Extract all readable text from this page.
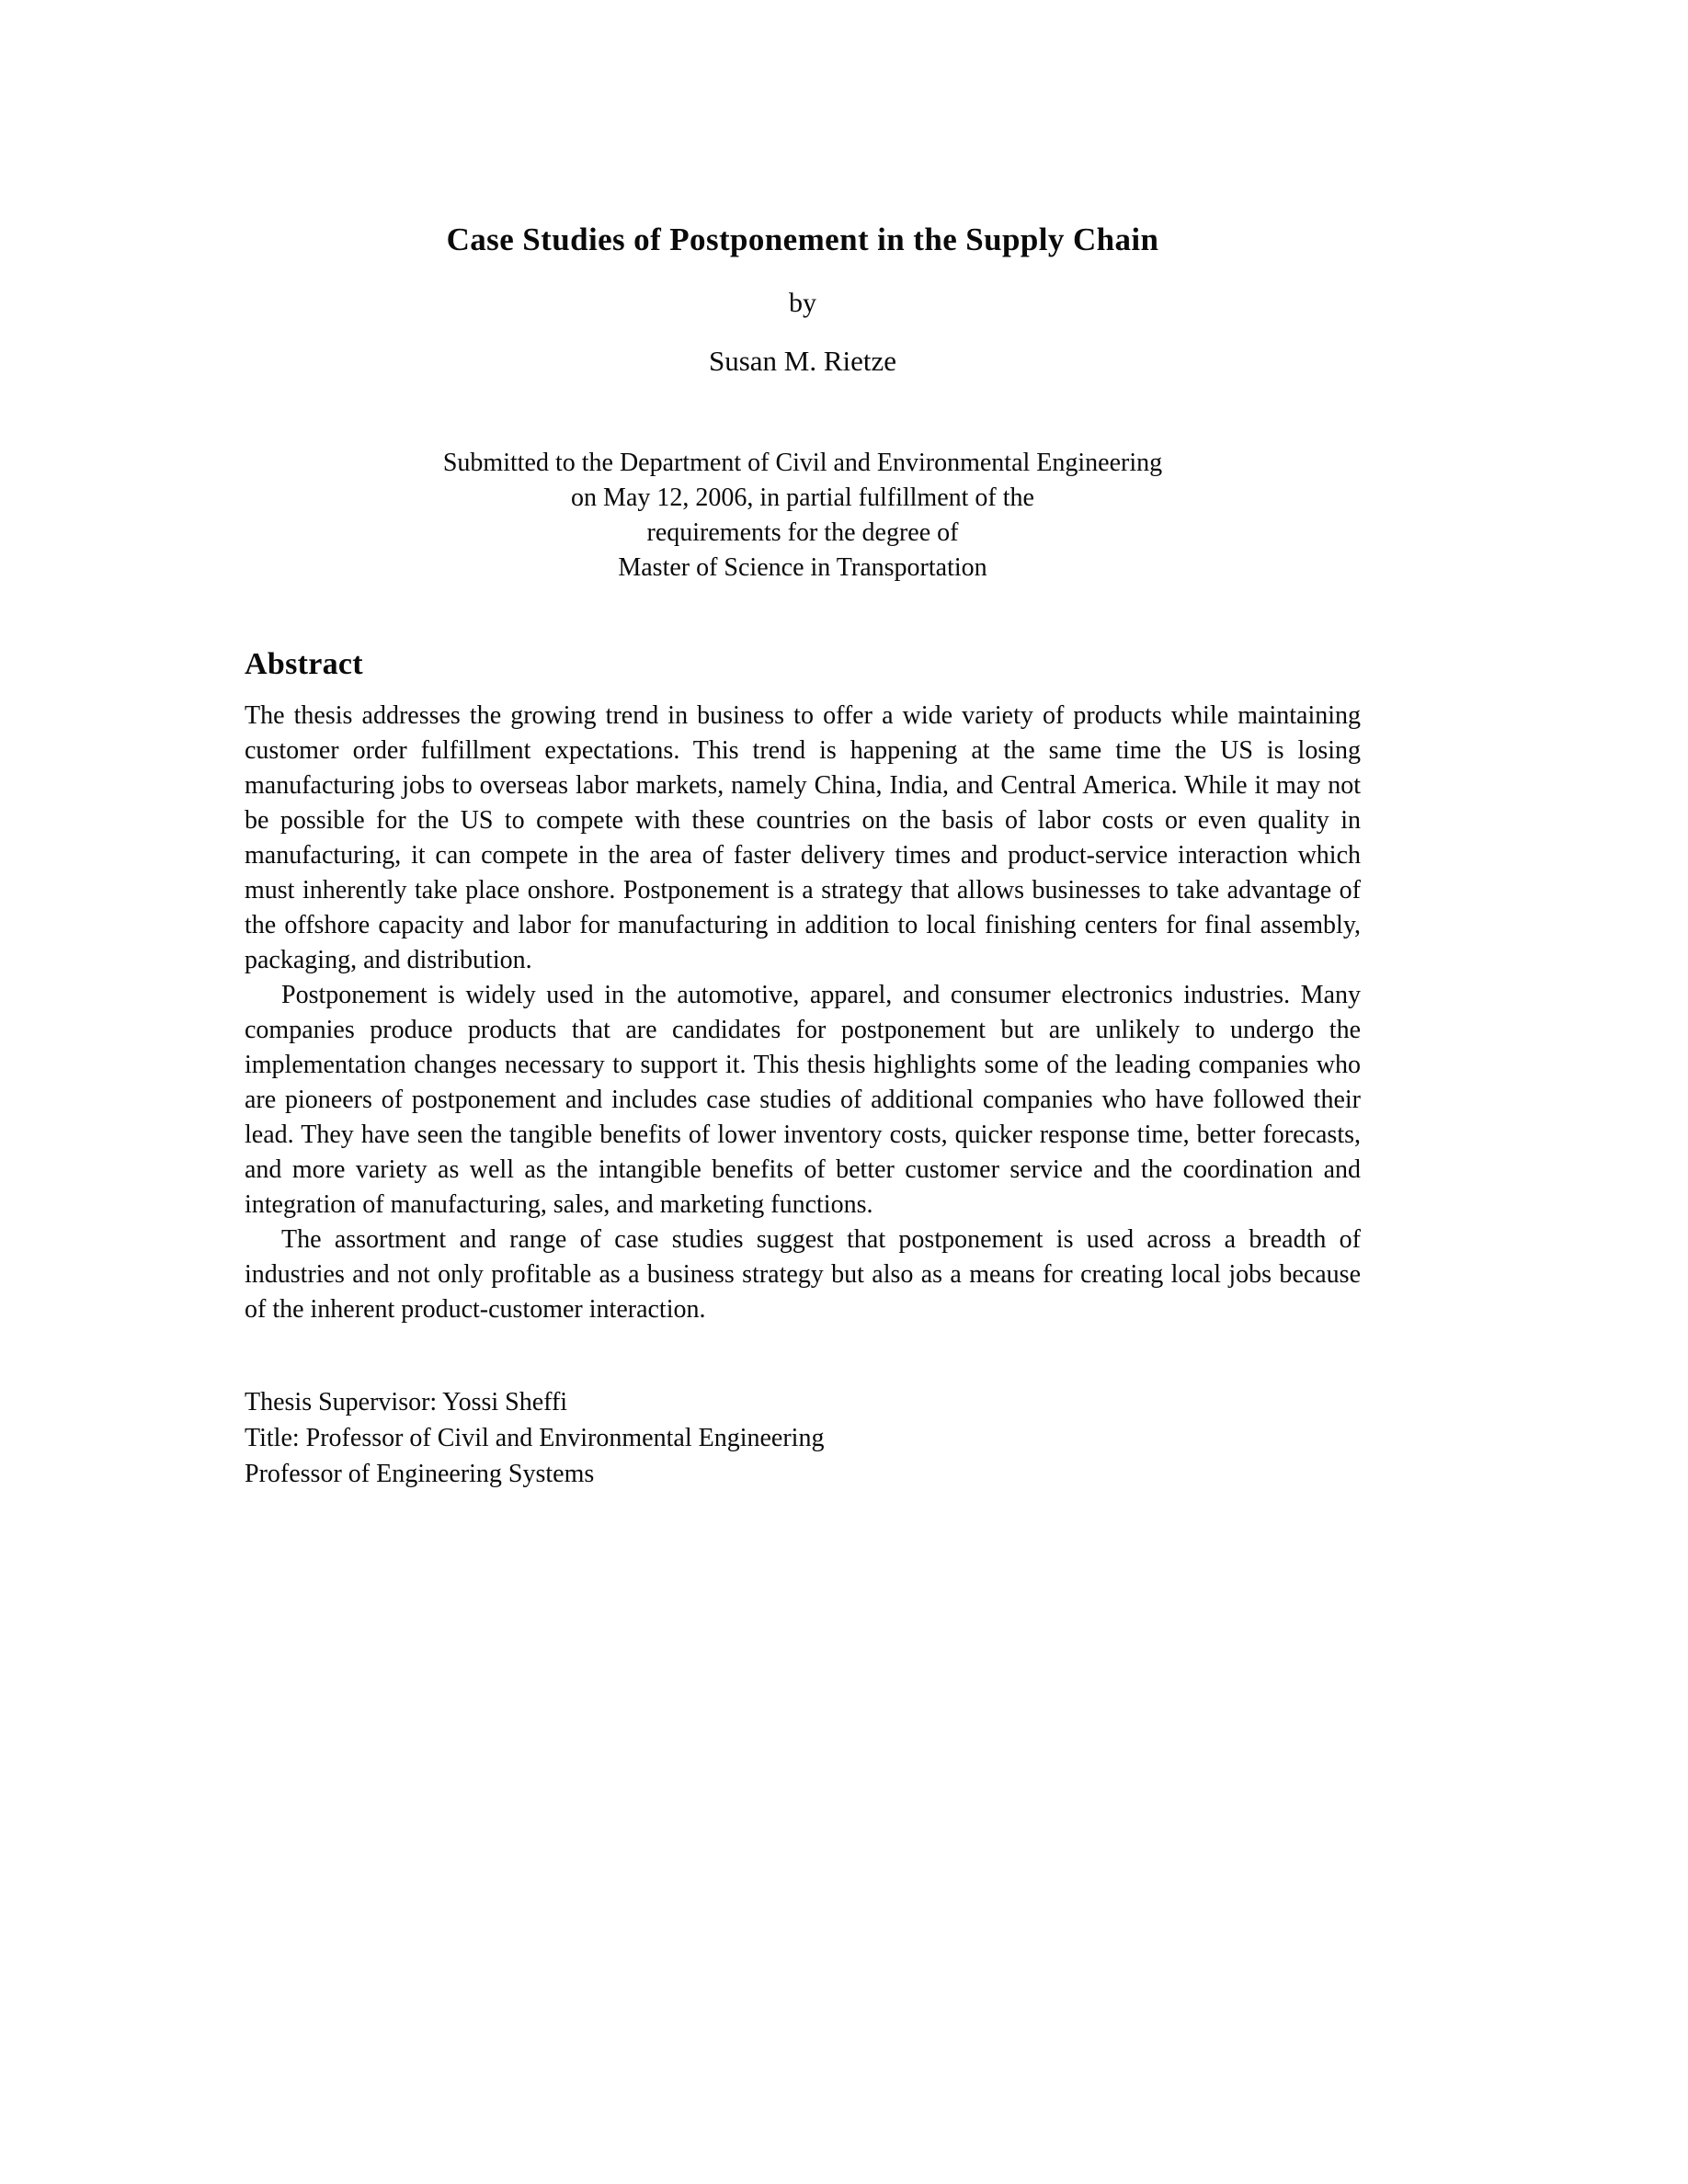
Case Studies of Postponement in the Supply Chain
by
Susan M. Rietze
Submitted to the Department of Civil and Environmental Engineering
on May 12, 2006, in partial fulfillment of the
requirements for the degree of
Master of Science in Transportation
Abstract

The thesis addresses the growing trend in business to offer a wide variety of products while maintaining customer order fulfillment expectations. This trend is happening at the same time the US is losing manufacturing jobs to overseas labor markets, namely China, India, and Central America. While it may not be possible for the US to compete with these countries on the basis of labor costs or even quality in manufacturing, it can compete in the area of faster delivery times and product-service interaction which must inherently take place onshore. Postponement is a strategy that allows businesses to take advantage of the offshore capacity and labor for manufacturing in addition to local finishing centers for final assembly, packaging, and distribution.

Postponement is widely used in the automotive, apparel, and consumer electronics industries. Many companies produce products that are candidates for postponement but are unlikely to undergo the implementation changes necessary to support it. This thesis highlights some of the leading companies who are pioneers of postponement and includes case studies of additional companies who have followed their lead. They have seen the tangible benefits of lower inventory costs, quicker response time, better forecasts, and more variety as well as the intangible benefits of better customer service and the coordination and integration of manufacturing, sales, and marketing functions.

The assortment and range of case studies suggest that postponement is used across a breadth of industries and not only profitable as a business strategy but also as a means for creating local jobs because of the inherent product-customer interaction.

Thesis Supervisor: Yossi Sheffi
Title: Professor of Civil and Environmental Engineering
Professor of Engineering Systems
